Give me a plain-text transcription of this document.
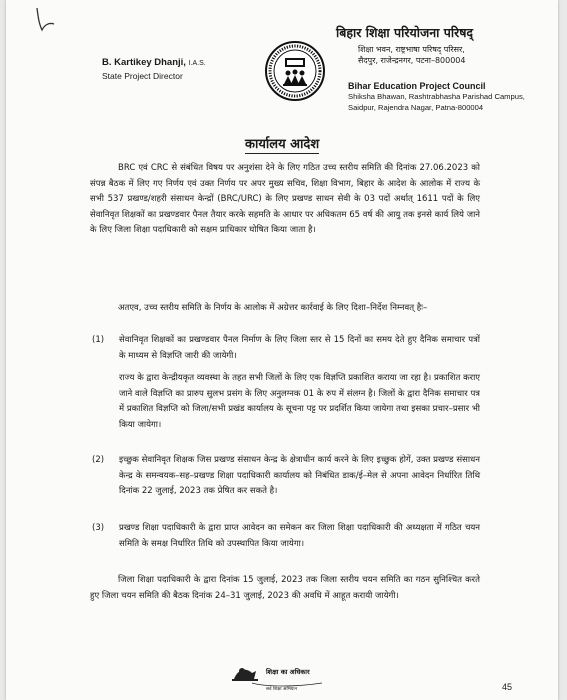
B. Kartikey Dhanji, I.A.S.
State Project Director
बिहार शिक्षा परियोजना परिषद्
शिक्षा भवन, राष्ट्रभाषा परिषद् परिसर,
सैदपुर, राजेन्द्रनगर, पटना–800004
Bihar Education Project Council
Shiksha Bhawan, Rashtrabhasha Parishad Campus,
Saidpur, Rajendra Nagar, Patna-800004
कार्यालय आदेश

BRC एवं CRC से संबंधित विषय पर अनुशंसा देने के लिए गठित उच्च स्तरीय समिति की दिनांक 27.06.2023 को संपन्न बैठक में लिए गए निर्णय एवं उक्त निर्णय पर अपर मुख्य सचिव, शिक्षा विभाग, बिहार के आदेश के आलोक में राज्य के सभी 537 प्रखण्ड/शहरी संसाधन केन्द्रों (BRC/URC) के लिए प्रखण्ड साधन सेवी के 03 पदों अर्थात् 1611 पदों के लिए सेवानिवृत शिक्षकों का प्रखण्डवार पैनल तैयार करके सहमति के आधार पर अधिकतम 65 वर्ष की आयु तक इनसे कार्य लिये जाने के लिए जिला शिक्षा पदाधिकारी को सक्षम प्राधिकार घोषित किया जाता है।

अतएव, उच्च स्तरीय समिति के निर्णय के आलोक में अग्रेत्तर कार्रवाई के लिए दिशा–निर्देश निम्नवत् हैः–

(1) सेवानिवृत शिक्षकों का प्रखण्डवार पैनल निर्माण के लिए जिला स्तर से 15 दिनों का समय देते हुए दैनिक समाचार पत्रों के माध्यम से विज्ञप्ति जारी की जायेगी।

राज्य के द्वारा केन्द्रीयकृत व्यवस्था के तहत सभी जिलों के लिए एक विज्ञप्ति प्रकाशित कराया जा रहा है। प्रकाशित कराए जाने वाले विज्ञप्ति का प्रारुप सुलभ प्रसंग के लिए अनुलग्नक 01 के रुप में संलग्न है। जिलों के द्वारा दैनिक समाचार पत्र में प्रकाशित विज्ञप्ति को जिला/सभी प्रखंड कार्यालय के सूचना पट्ट पर प्रदर्शित किया जायेगा तथा इसका प्रचार–प्रसार भी किया जायेगा।

(2) इच्छुक सेवानिवृत शिक्षक जिस प्रखण्ड संसाधन केन्द्र के क्षेत्राधीन कार्य करने के लिए इच्छुक होगें, उक्त प्रखण्ड संसाधन केन्द्र के समन्वयक–सह–प्रखण्ड शिक्षा पदाधिकारी कार्यालय को निबंधित डाक/ई–मेल से अपना आवेदन निर्धारित तिथि दिनांक 22 जुलाई, 2023 तक प्रेषित कर सकते है।

(3) प्रखण्ड शिक्षा पदाधिकारी के द्वारा प्राप्त आवेदन का समेकन कर जिला शिक्षा पदाधिकारी की अध्यक्षता में गठित चयन समिति के समक्ष निर्धारित तिथि को उपस्थापित किया जायेगा।

जिला शिक्षा पदाधिकारी के द्वारा दिनांक 15 जुलाई, 2023 तक जिला स्तरीय चयन समिति का गठन सुनिश्चित करते हुए जिला चयन समिति की बैठक दिनांक 24–31 जुलाई, 2023 की अवधि में आहूत करायी जायेगी।

शिक्षा का अधिकार
सर्व शिक्षा अभियान	45
